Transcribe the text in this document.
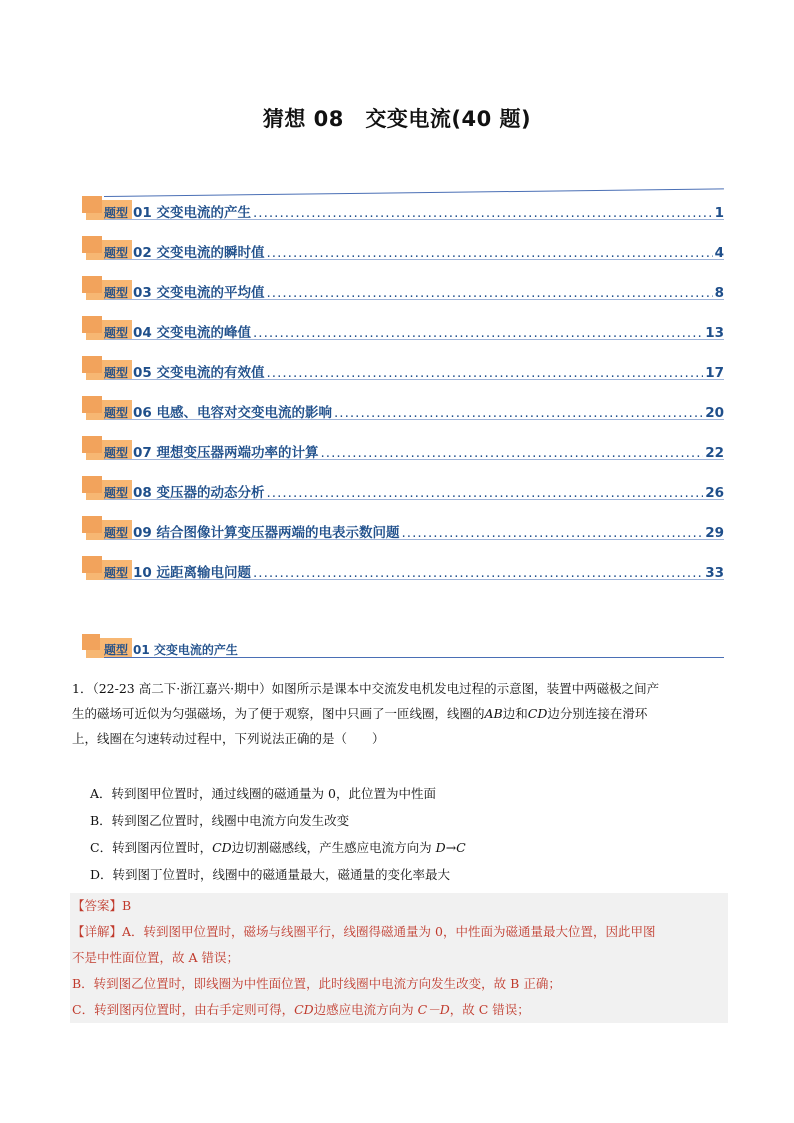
猜想 08　交变电流(40 题)
题型 01 交变电流的产生 .....	1
题型 02 交变电流的瞬时值 .....	4
题型 03 交变电流的平均值 .....	8
题型 04 交变电流的峰值 .....	13
题型 05 交变电流的有效值 .....	17
题型 06 电感、电容对交变电流的影响 .....	20
题型 07 理想变压器两端功率的计算 .....	22
题型 08 变压器的动态分析 .....	26
题型 09 结合图像计算变压器两端的电表示数问题 .....	29
题型 10 远距离输电问题 .....	33
题型 01 交变电流的产生
1．（22-23 高二下·浙江嘉兴·期中）如图所示是课本中交流发电机发电过程的示意图，装置中两磁极之间产
生的磁场可近似为匀强磁场，为了便于观察，图中只画了一匝线圈，线圈的AB边和CD边分别连接在滑环
上，线圈在匀速转动过程中，下列说法正确的是（　　）
A．转到图甲位置时，通过线圈的磁通量为 0，此位置为中性面
B．转到图乙位置时，线圈中电流方向发生改变
C．转到图丙位置时，CD边切割磁感线，产生感应电流方向为 D→C
D．转到图丁位置时，线圈中的磁通量最大，磁通量的变化率最大
【答案】B
【详解】A．转到图甲位置时，磁场与线圈平行，线圈得磁通量为 0，中性面为磁通量最大位置，因此甲图
不是中性面位置，故 A 错误；
B．转到图乙位置时，即线圈为中性面位置，此时线圈中电流方向发生改变，故 B 正确；
C．转到图丙位置时，由右手定则可得，CD边感应电流方向为 C－D，故 C 错误；
